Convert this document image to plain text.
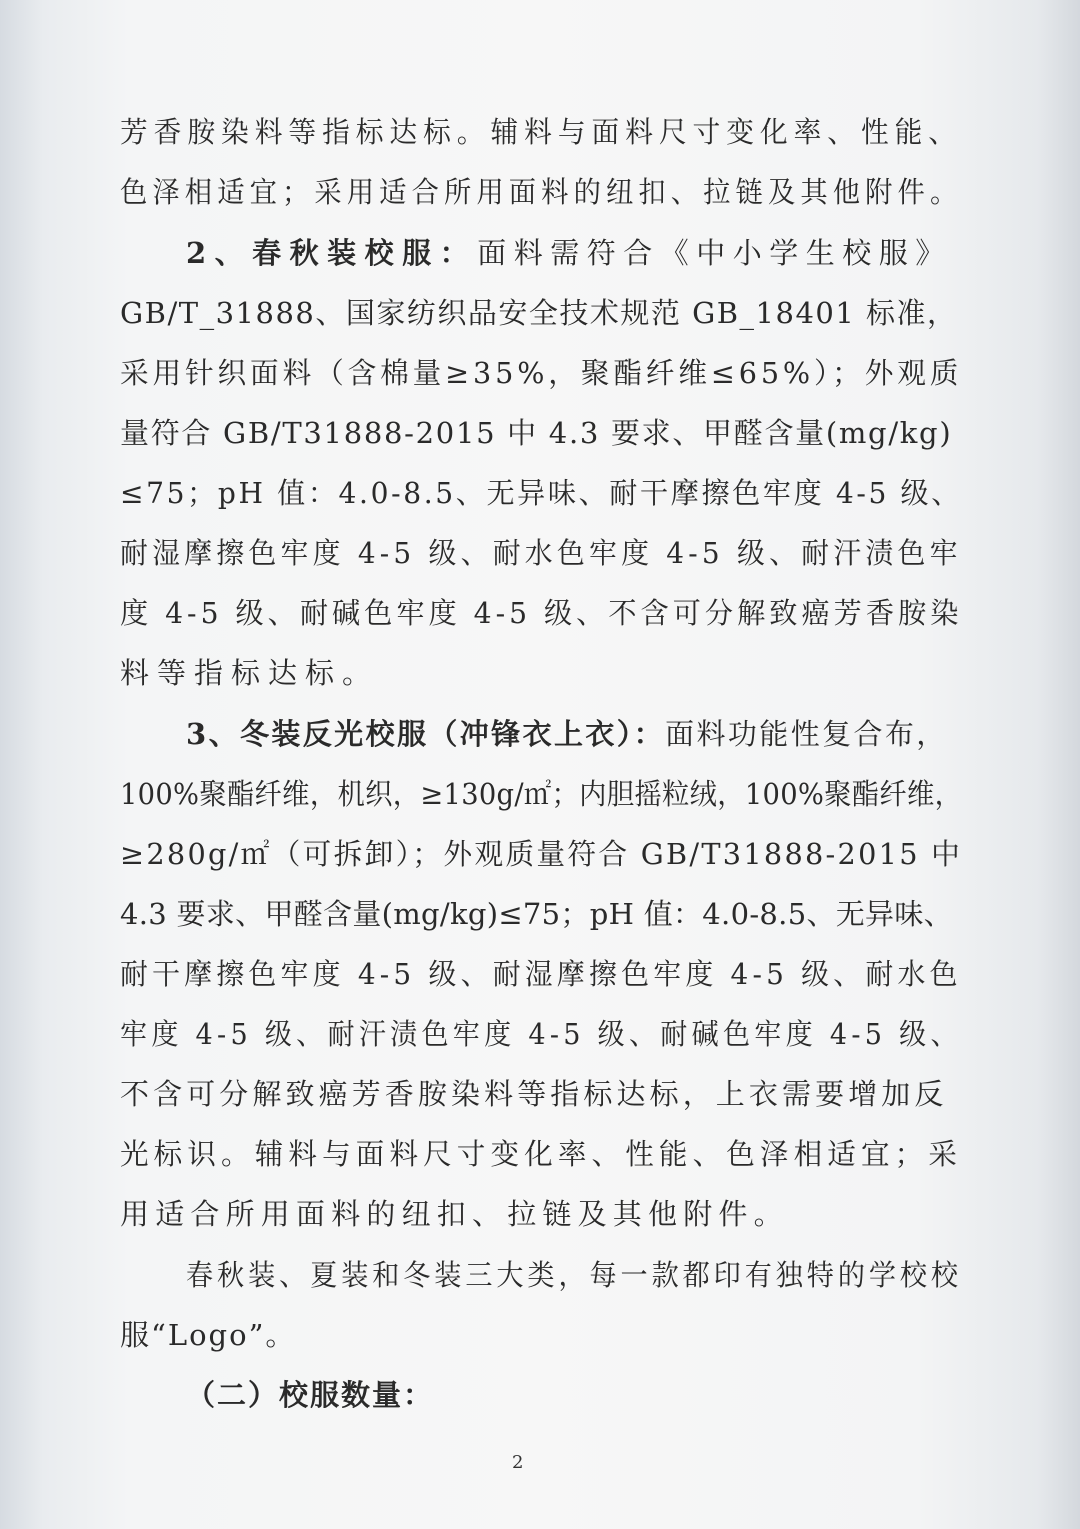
芳香胺染料等指标达标。辅料与面料尺寸变化率、性能、
色泽相适宜；采用适合所用面料的纽扣、拉链及其他附件。
2、春秋装校服：面料需符合《中小学生校服》
GB/T_31888、国家纺织品安全技术规范 GB_18401 标准，
采用针织面料（含棉量≥35%，聚酯纤维≤65%）；外观质
量符合 GB/T31888-2015 中 4.3 要求、甲醛含量(mg/kg)
≤75；pH 值：4.0-8.5、无异味、耐干摩擦色牢度 4-5 级、
耐湿摩擦色牢度 4-5 级、耐水色牢度 4-5 级、耐汗渍色牢
度 4-5 级、耐碱色牢度 4-5 级、不含可分解致癌芳香胺染
料等指标达标。
3、冬装反光校服（冲锋衣上衣）：面料功能性复合布，
100%聚酯纤维，机织，≥130g/㎡；内胆摇粒绒，100%聚酯纤维，
≥280g/㎡（可拆卸）；外观质量符合 GB/T31888-2015 中
4.3 要求、甲醛含量(mg/kg)≤75；pH 值：4.0-8.5、无异味、
耐干摩擦色牢度 4-5 级、耐湿摩擦色牢度 4-5 级、耐水色
牢度 4-5 级、耐汗渍色牢度 4-5 级、耐碱色牢度 4-5 级、
不含可分解致癌芳香胺染料等指标达标，上衣需要增加反
光标识。辅料与面料尺寸变化率、性能、色泽相适宜；采
用适合所用面料的纽扣、拉链及其他附件。
春秋装、夏装和冬装三大类，每一款都印有独特的学校校
服“Logo”。
（二）校服数量：
2
